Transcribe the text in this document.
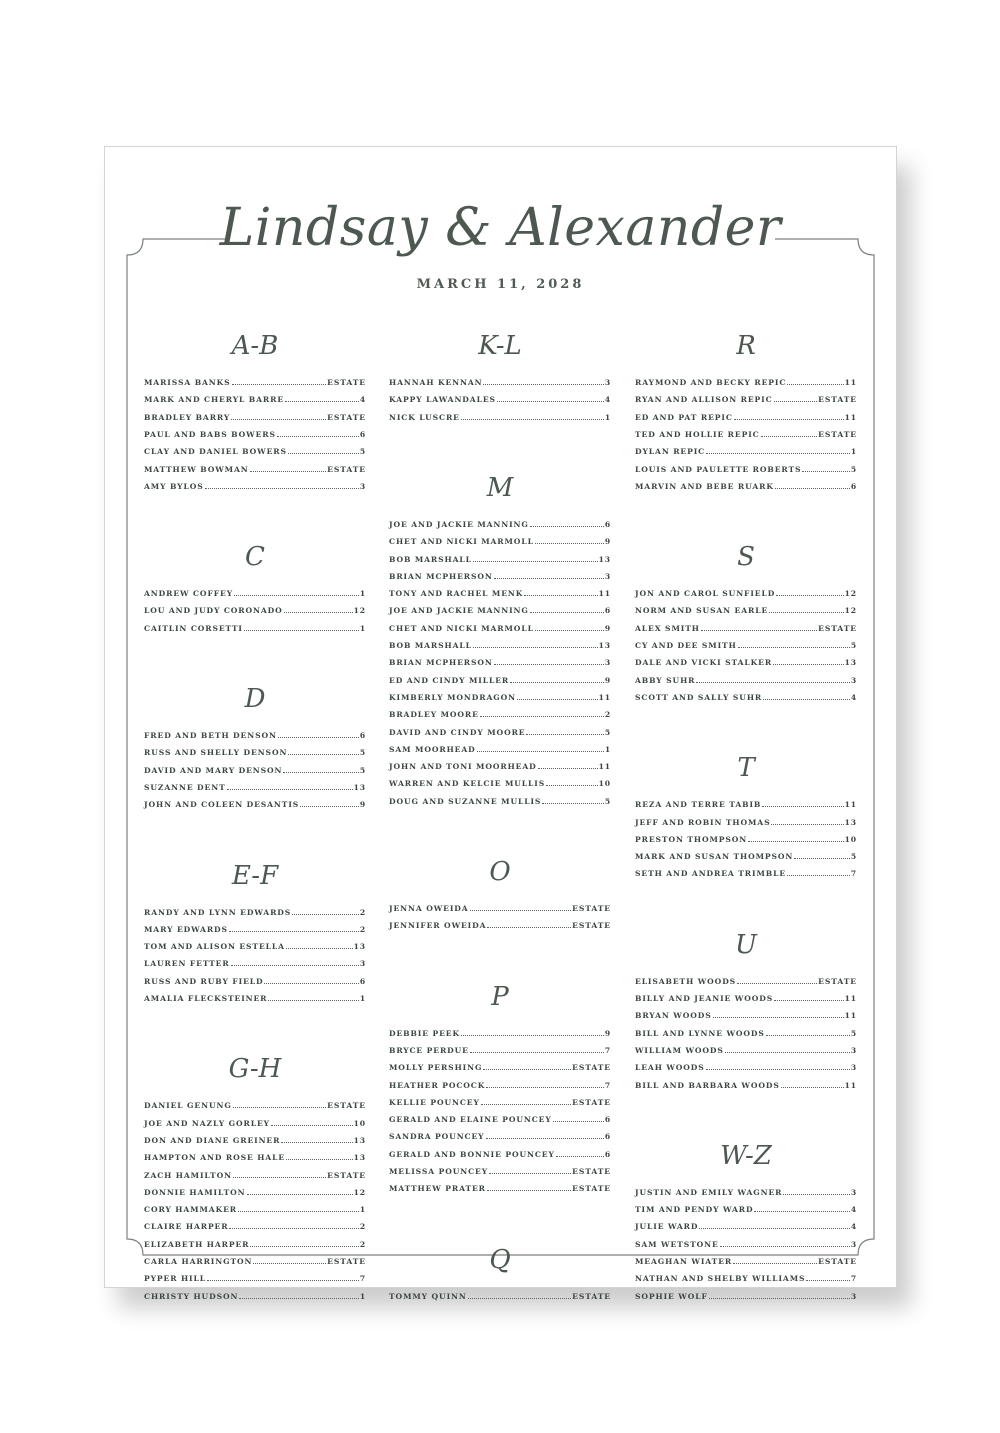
Lindsay & Alexander
MARCH 11, 2028
A-B
MARISSA BANKS	ESTATE
MARK AND CHERYL BARRE	4
BRADLEY BARRY	ESTATE
PAUL AND BABS BOWERS	6
CLAY AND DANIEL BOWERS	5
MATTHEW BOWMAN	ESTATE
AMY BYLOS	3
C
ANDREW COFFEY	1
LOU AND JUDY CORONADO	12
CAITLIN CORSETTI	1
D
FRED AND BETH DENSON	6
RUSS AND SHELLY DENSON	5
DAVID AND MARY DENSON	5
SUZANNE DENT	13
JOHN AND COLEEN DESANTIS	9
E-F
RANDY AND LYNN EDWARDS	2
MARY EDWARDS	2
TOM AND ALISON ESTELLA	13
LAUREN FETTER	3
RUSS AND RUBY FIELD	6
AMALIA FLECKSTEINER	1
G-H
DANIEL GENUNG	ESTATE
JOE AND NAZLY GORLEY	10
DON AND DIANE GREINER	13
HAMPTON AND ROSE HALE	13
ZACH HAMILTON	ESTATE
DONNIE HAMILTON	12
CORY HAMMAKER	1
CLAIRE HARPER	2
ELIZABETH HARPER	2
CARLA HARRINGTON	ESTATE
PYPER HILL	7
CHRISTY HUDSON	1
K-L
HANNAH KENNAN	3
KAPPY LAWANDALES	4
NICK LUSCRE	1
M
JOE AND JACKIE MANNING	6
CHET AND NICKI MARMOLL	9
BOB MARSHALL	13
BRIAN MCPHERSON	3
TONY AND RACHEL MENK	11
JOE AND JACKIE MANNING	6
CHET AND NICKI MARMOLL	9
BOB MARSHALL	13
BRIAN MCPHERSON	3
ED AND CINDY MILLER	9
KIMBERLY MONDRAGON	11
BRADLEY MOORE	2
DAVID AND CINDY MOORE	5
SAM MOORHEAD	1
JOHN AND TONI MOORHEAD	11
WARREN AND KELCIE MULLIS	10
DOUG AND SUZANNE MULLIS	5
O
JENNA OWEIDA	ESTATE
JENNIFER OWEIDA	ESTATE
P
DEBBIE PEEK	9
BRYCE PERDUE	7
MOLLY PERSHING	ESTATE
HEATHER POCOCK	7
KELLIE POUNCEY	ESTATE
GERALD AND ELAINE POUNCEY	6
SANDRA POUNCEY	6
GERALD AND BONNIE POUNCEY	6
MELISSA POUNCEY	ESTATE
MATTHEW PRATER	ESTATE
Q
TOMMY QUINN	ESTATE
R
RAYMOND AND BECKY REPIC	11
RYAN AND ALLISON REPIC	ESTATE
ED AND PAT REPIC	11
TED AND HOLLIE REPIC	ESTATE
DYLAN REPIC	1
LOUIS AND PAULETTE ROBERTS	5
MARVIN AND BEBE RUARK	6
S
JON AND CAROL SUNFIELD	12
NORM AND SUSAN EARLE	12
ALEX SMITH	ESTATE
CY AND DEE SMITH	5
DALE AND VICKI STALKER	13
ABBY SUHR	3
SCOTT AND SALLY SUHR	4
T
REZA AND TERRE TABIB	11
JEFF AND ROBIN THOMAS	13
PRESTON THOMPSON	10
MARK AND SUSAN THOMPSON	5
SETH AND ANDREA TRIMBLE	7
U
ELISABETH WOODS	ESTATE
BILLY AND JEANIE WOODS	11
BRYAN WOODS	11
BILL AND LYNNE WOODS	5
WILLIAM WOODS	3
LEAH WOODS	3
BILL AND BARBARA WOODS	11
W-Z
JUSTIN AND EMILY WAGNER	3
TIM AND PENDY WARD	4
JULIE WARD	4
SAM WETSTONE	3
MEAGHAN WIATER	ESTATE
NATHAN AND SHELBY WILLIAMS	7
SOPHIE WOLF	3
